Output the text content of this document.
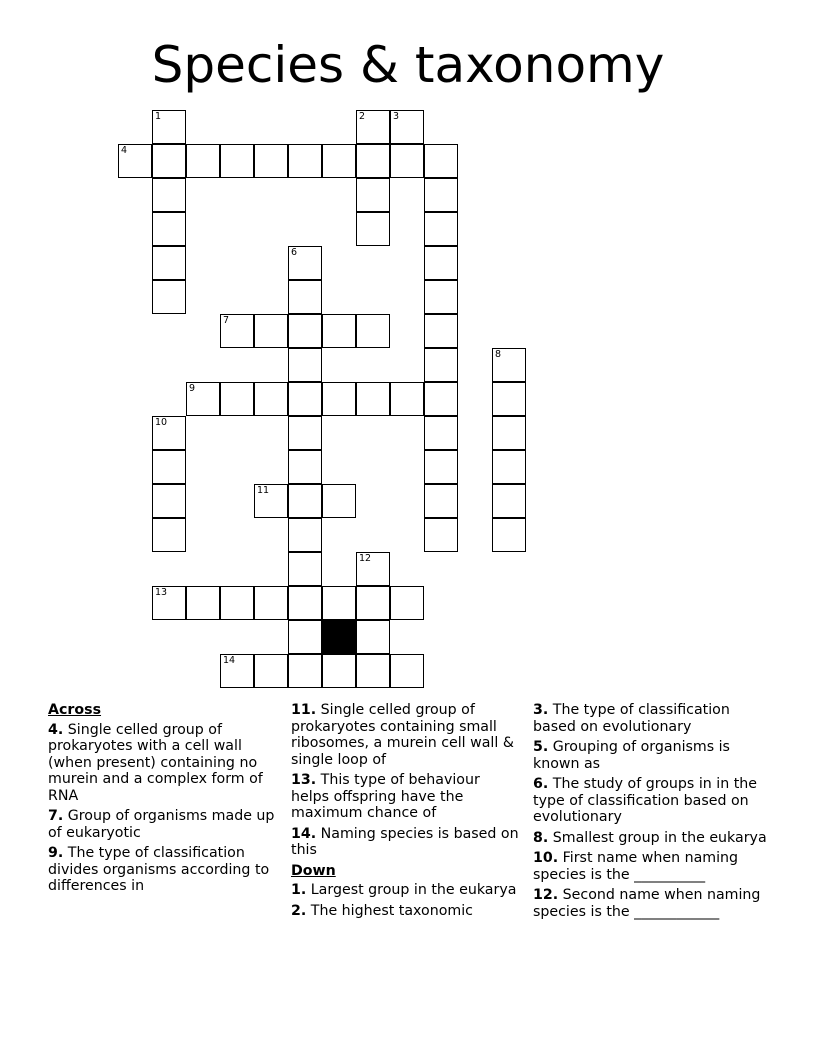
Species & taxonomy
1	2	3
4
6
7
8
9
10
11
12
13
14
Across
4. Single celled group of prokaryotes with a cell wall (when present) containing no murein and a complex form of RNA
7. Group of organisms made up of eukaryotic
9. The type of classification divides organisms according to differences in
11. Single celled group of prokaryotes containing small ribosomes, a murein cell wall & single loop of
13. This type of behaviour helps offspring have the maximum chance of
14. Naming species is based on this
Down
1. Largest group in the eukarya
2. The highest taxonomic
3. The type of classification based on evolutionary
5. Grouping of organisms is known as
6. The study of groups in in the type of classification based on evolutionary
8. Smallest group in the eukarya
10. First name when naming species is the __________
12. Second name when naming species is the ____________
